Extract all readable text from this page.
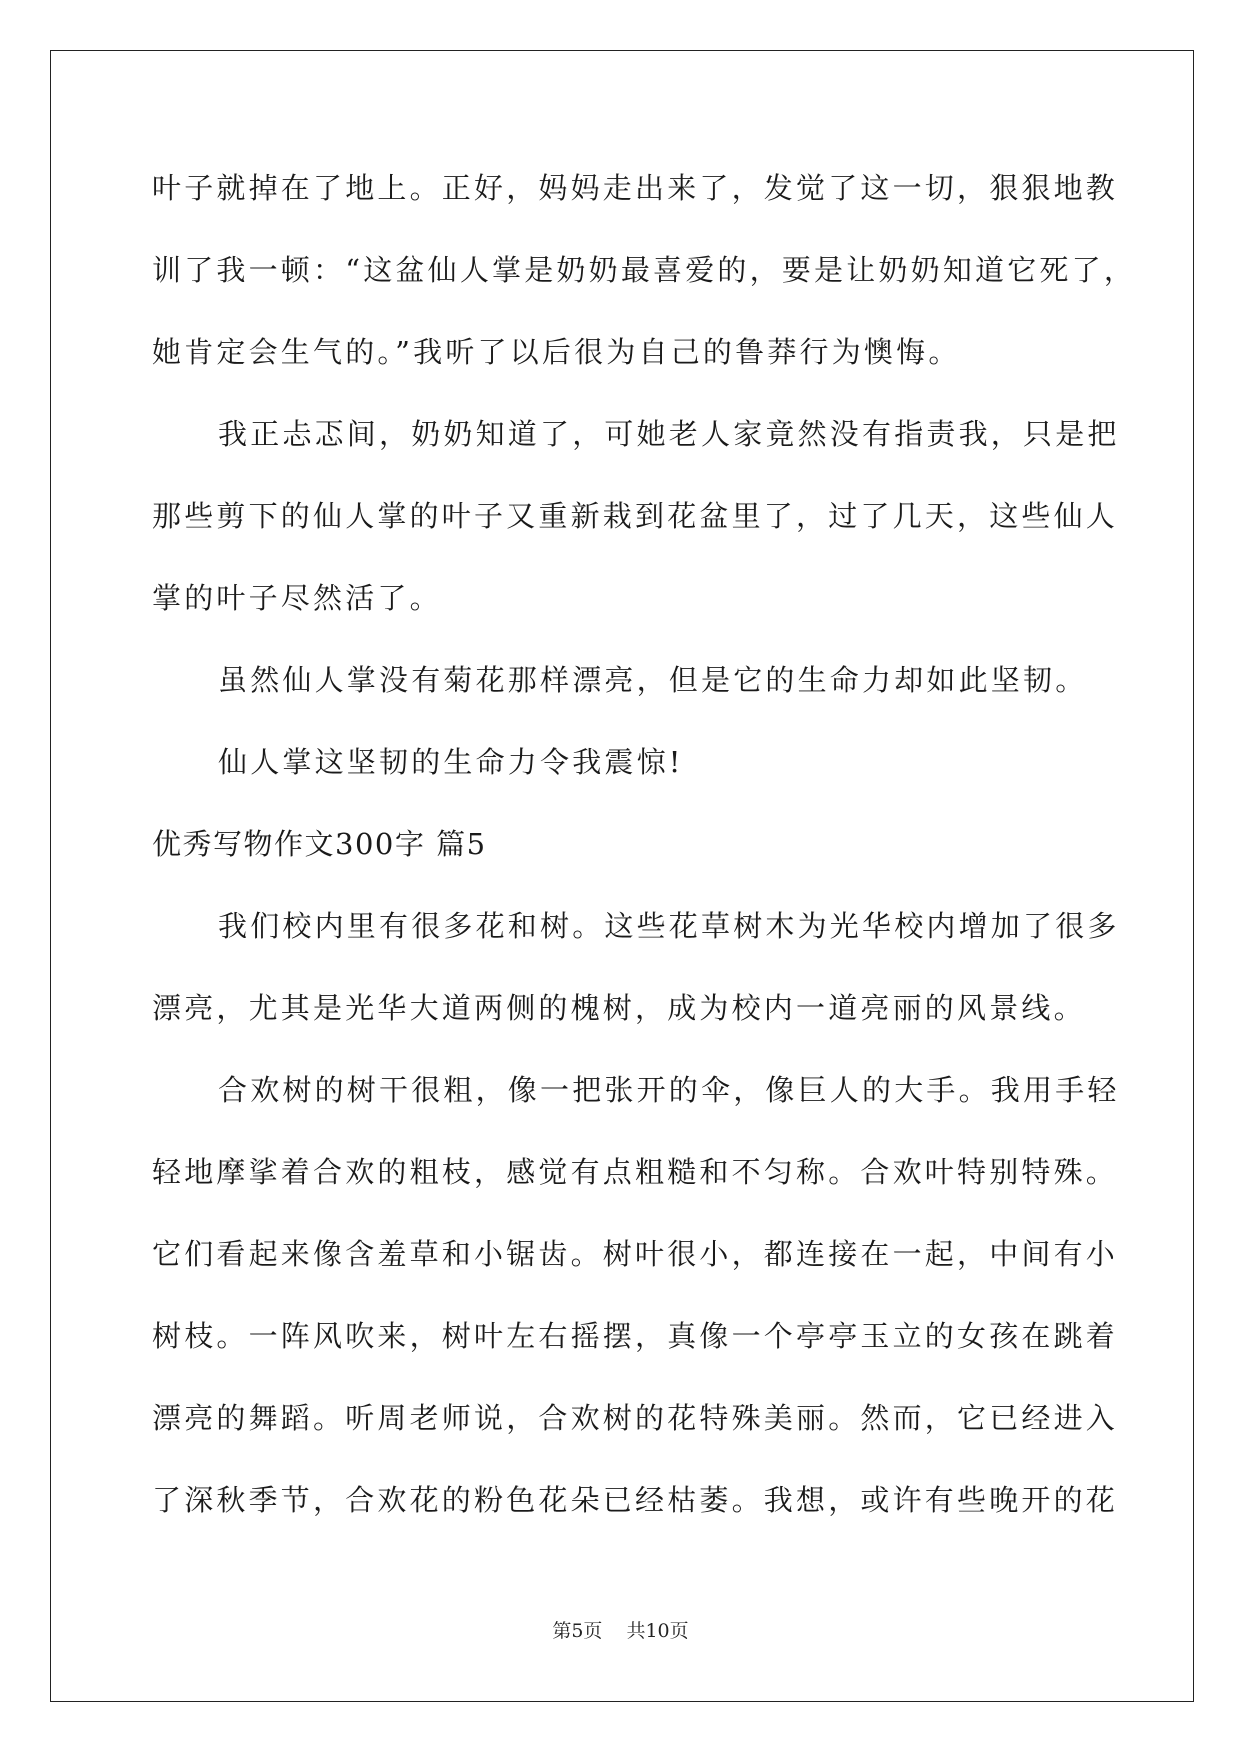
叶子就掉在了地上。正好，妈妈走出来了，发觉了这一切，狠狠地教
训了我一顿：“这盆仙人掌是奶奶最喜爱的，要是让奶奶知道它死了，
她肯定会生气的。”我听了以后很为自己的鲁莽行为懊悔。
我正忐忑间，奶奶知道了，可她老人家竟然没有指责我，只是把
那些剪下的仙人掌的叶子又重新栽到花盆里了，过了几天，这些仙人
掌的叶子尽然活了。
虽然仙人掌没有菊花那样漂亮，但是它的生命力却如此坚韧。
仙人掌这坚韧的生命力令我震惊!
优秀写物作文300字 篇5
我们校内里有很多花和树。这些花草树木为光华校内增加了很多
漂亮，尤其是光华大道两侧的槐树，成为校内一道亮丽的风景线。
合欢树的树干很粗，像一把张开的伞，像巨人的大手。我用手轻
轻地摩挲着合欢的粗枝，感觉有点粗糙和不匀称。合欢叶特别特殊。
它们看起来像含羞草和小锯齿。树叶很小，都连接在一起，中间有小
树枝。一阵风吹来，树叶左右摇摆，真像一个亭亭玉立的女孩在跳着
漂亮的舞蹈。听周老师说，合欢树的花特殊美丽。然而，它已经进入
了深秋季节，合欢花的粉色花朵已经枯萎。我想，或许有些晚开的花
第5页 共10页
